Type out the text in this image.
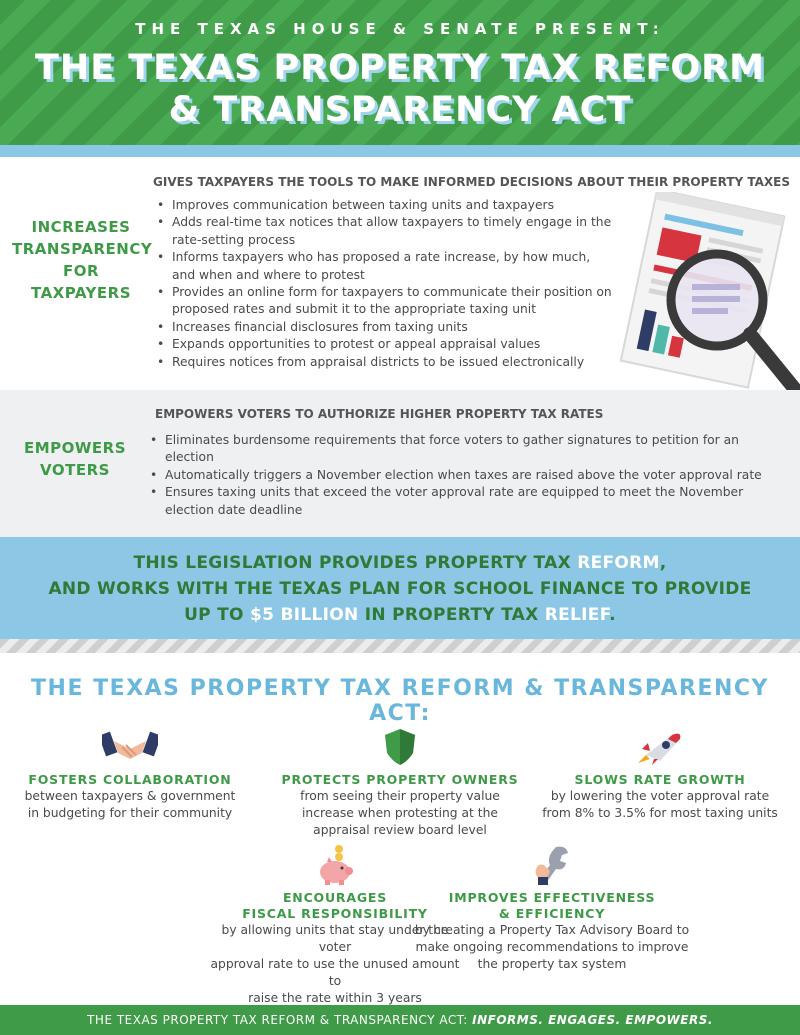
THE TEXAS HOUSE & SENATE PRESENT:
THE TEXAS PROPERTY TAX REFORM
& TRANSPARENCY ACT
INCREASES
TRANSPARENCY
FOR TAXPAYERS
GIVES TAXPAYERS THE TOOLS TO MAKE INFORMED DECISIONS ABOUT THEIR PROPERTY TAXES
• Improves communication between taxing units and taxpayers
• Adds real-time tax notices that allow taxpayers to timely engage in the rate-setting process
• Informs taxpayers who has proposed a rate increase, by how much, and when and where to protest
• Provides an online form for taxpayers to communicate their position on proposed rates and submit it to the appropriate taxing unit
• Increases financial disclosures from taxing units
• Expands opportunities to protest or appeal appraisal values
• Requires notices from appraisal districts to be issued electronically
EMPOWERS
VOTERS
EMPOWERS VOTERS TO AUTHORIZE HIGHER PROPERTY TAX RATES
• Eliminates burdensome requirements that force voters to gather signatures to petition for an election
• Automatically triggers a November election when taxes are raised above the voter approval rate
• Ensures taxing units that exceed the voter approval rate are equipped to meet the November election date deadline
THIS LEGISLATION PROVIDES PROPERTY TAX REFORM,
AND WORKS WITH THE TEXAS PLAN FOR SCHOOL FINANCE TO PROVIDE
UP TO $5 BILLION IN PROPERTY TAX RELIEF.
THE TEXAS PROPERTY TAX REFORM & TRANSPARENCY ACT:
FOSTERS COLLABORATION
between taxpayers & government
in budgeting for their community
PROTECTS PROPERTY OWNERS
from seeing their property value
increase when protesting at the
appraisal review board level
SLOWS RATE GROWTH
by lowering the voter approval rate
from 8% to 3.5% for most taxing units
ENCOURAGES
FISCAL RESPONSIBILITY
by allowing units that stay under the voter
approval rate to use the unused amount to
raise the rate within 3 years
IMPROVES EFFECTIVENESS
& EFFICIENCY
by creating a Property Tax Advisory Board to
make ongoing recommendations to improve
the property tax system
THE TEXAS PROPERTY TAX REFORM & TRANSPARENCY ACT: INFORMS. ENGAGES. EMPOWERS.
